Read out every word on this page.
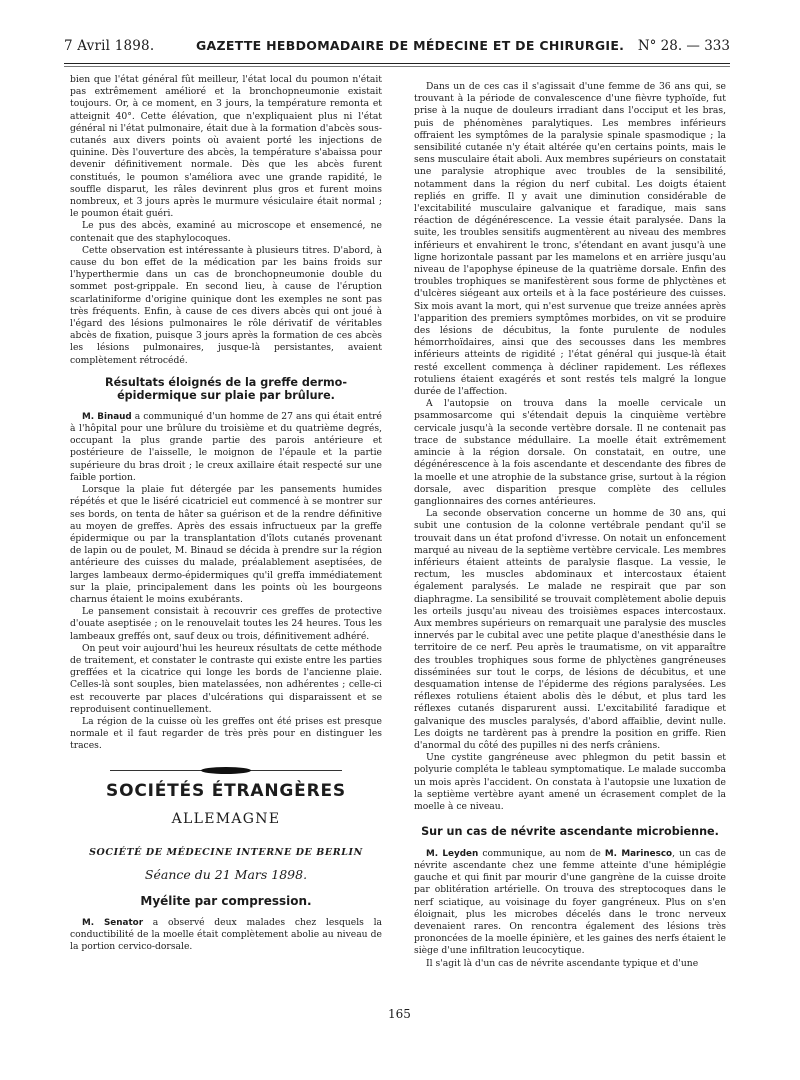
7 Avril 1898.	GAZETTE HEBDOMADAIRE DE MÉDECINE ET DE CHIRURGIE. N° 28. — 333

bien que l'état général fût meilleur, l'état local du poumon n'était pas extrêmement amélioré et la bronchopneumonie existait toujours. Or, à ce moment, en 3 jours, la température remonta et atteignit 40°. Cette élévation, que n'expliquaient plus ni l'état général ni l'état pulmonaire, était due à la formation d'abcès sous-cutanés aux divers points où avaient porté les injections de quinine. Dès l'ouverture des abcès, la température s'abaissa pour devenir définitivement normale. Dès que les abcès furent constitués, le poumon s'améliora avec une grande rapidité, le souffle disparut, les râles devinrent plus gros et furent moins nombreux, et 3 jours après le murmure vésiculaire était normal ; le poumon était guéri.

Le pus des abcès, examiné au microscope et ensemencé, ne contenait que des staphylocoques.

Cette observation est intéressante à plusieurs titres. D'abord, à cause du bon effet de la médication par les bains froids sur l'hyperthermie dans un cas de bronchopneumonie double du sommet post-grippale. En second lieu, à cause de l'éruption scarlatiniforme d'origine quinique dont les exemples ne sont pas très fréquents. Enfin, à cause de ces divers abcès qui ont joué à l'égard des lésions pulmonaires le rôle dérivatif de véritables abcès de fixation, puisque 3 jours après la formation de ces abcès les lésions pulmonaires, jusque-là persistantes, avaient complètement rétrocédé.

Résultats éloignés de la greffe dermo-épidermique sur plaie par brûlure.

M. Binaud a communiqué d'un homme de 27 ans qui était entré à l'hôpital pour une brûlure du troisième et du quatrième degrés, occupant la plus grande partie des parois antérieure et postérieure de l'aisselle, le moignon de l'épaule et la partie supérieure du bras droit ; le creux axillaire était respecté sur une faible portion.

Lorsque la plaie fut détergée par les pansements humides répétés et que le liséré cicatriciel eut commencé à se montrer sur ses bords, on tenta de hâter sa guérison et de la rendre définitive au moyen de greffes. Après des essais infructueux par la greffe épidermique ou par la transplantation d'îlots cutanés provenant de lapin ou de poulet, M. Binaud se décida à prendre sur la région antérieure des cuisses du malade, préalablement aseptisées, de larges lambeaux dermo-épidermiques qu'il greffa immédiatement sur la plaie, principalement dans les points où les bourgeons charnus étaient le moins exubérants.

Le pansement consistait à recouvrir ces greffes de protective d'ouate aseptisée ; on le renouvelait toutes les 24 heures. Tous les lambeaux greffés ont, sauf deux ou trois, définitivement adhéré.

On peut voir aujourd'hui les heureux résultats de cette méthode de traitement, et constater le contraste qui existe entre les parties greffées et la cicatrice qui longe les bords de l'ancienne plaie. Celles-là sont souples, bien matelassées, non adhérentes ; celle-ci est recouverte par places d'ulcérations qui disparaissent et se reproduisent continuellement.

La région de la cuisse où les greffes ont été prises est presque normale et il faut regarder de très près pour en distinguer les traces.

SOCIÉTÉS ÉTRANGÈRES
ALLEMAGNE
SOCIÉTÉ DE MÉDECINE INTERNE DE BERLIN
Séance du 21 Mars 1898.
Myélite par compression.

M. Senator a observé deux malades chez lesquels la conductibilité de la moelle était complètement abolie au niveau de la portion cervico-dorsale.

Dans un de ces cas il s'agissait d'une femme de 36 ans qui, se trouvant à la période de convalescence d'une fièvre typhoïde, fut prise à la nuque de douleurs irradiant dans l'occiput et les bras, puis de phénomènes paralytiques. Les membres inférieurs offraient les symptômes de la paralysie spinale spasmodique ; la sensibilité cutanée n'y était altérée qu'en certains points, mais le sens musculaire était aboli. Aux membres supérieurs on constatait une paralysie atrophique avec troubles de la sensibilité, notamment dans la région du nerf cubital. Les doigts étaient repliés en griffe. Il y avait une diminution considérable de l'excitabilité musculaire galvanique et faradique, mais sans réaction de dégénérescence. La vessie était paralysée. Dans la suite, les troubles sensitifs augmentèrent au niveau des membres inférieurs et envahirent le tronc, s'étendant en avant jusqu'à une ligne horizontale passant par les mamelons et en arrière jusqu'au niveau de l'apophyse épineuse de la quatrième dorsale. Enfin des troubles trophiques se manifestèrent sous forme de phlyctènes et d'ulcères siégeant aux orteils et à la face postérieure des cuisses. Six mois avant la mort, qui n'est survenue que treize années après l'apparition des premiers symptômes morbides, on vit se produire des lésions de décubitus, la fonte purulente de nodules hémorrhoïdaires, ainsi que des secousses dans les membres inférieurs atteints de rigidité ; l'état général qui jusque-là était resté excellent commença à décliner rapidement. Les réflexes rotuliens étaient exagérés et sont restés tels malgré la longue durée de l'affection.

A l'autopsie on trouva dans la moelle cervicale un psammosarcome qui s'étendait depuis la cinquième vertèbre cervicale jusqu'à la seconde vertèbre dorsale. Il ne contenait pas trace de substance médullaire. La moelle était extrêmement amincie à la région dorsale. On constatait, en outre, une dégénérescence à la fois ascendante et descendante des fibres de la moelle et une atrophie de la substance grise, surtout à la région dorsale, avec disparition presque complète des cellules ganglionnaires des cornes antérieures.

La seconde observation concerne un homme de 30 ans, qui subit une contusion de la colonne vertébrale pendant qu'il se trouvait dans un état profond d'ivresse. On notait un enfoncement marqué au niveau de la septième vertèbre cervicale. Les membres inférieurs étaient atteints de paralysie flasque. La vessie, le rectum, les muscles abdominaux et intercostaux étaient également paralysés. Le malade ne respirait que par son diaphragme. La sensibilité se trouvait complètement abolie depuis les orteils jusqu'au niveau des troisièmes espaces intercostaux. Aux membres supérieurs on remarquait une paralysie des muscles innervés par le cubital avec une petite plaque d'anesthésie dans le territoire de ce nerf. Peu après le traumatisme, on vit apparaître des troubles trophiques sous forme de phlyctènes gangréneuses disséminées sur tout le corps, de lésions de décubitus, et une desquamation intense de l'épiderme des régions paralysées. Les réflexes rotuliens étaient abolis dès le début, et plus tard les réflexes cutanés disparurent aussi. L'excitabilité faradique et galvanique des muscles paralysés, d'abord affaiblie, devint nulle. Les doigts ne tardèrent pas à prendre la position en griffe. Rien d'anormal du côté des pupilles ni des nerfs crâniens.

Une cystite gangréneuse avec phlegmon du petit bassin et polyurie compléta le tableau symptomatique. Le malade succomba un mois après l'accident. On constata à l'autopsie une luxation de la septième vertèbre ayant amené un écrasement complet de la moelle à ce niveau.

Sur un cas de névrite ascendante microbienne.

M. Leyden communique, au nom de M. Marinesco, un cas de névrite ascendante chez une femme atteinte d'une hémiplégie gauche et qui finit par mourir d'une gangrène de la cuisse droite par oblitération artérielle. On trouva des streptocoques dans le nerf sciatique, au voisinage du foyer gangréneux. Plus on s'en éloignait, plus les microbes décelés dans le tronc nerveux devenaient rares. On rencontra également des lésions très prononcées de la moelle épinière, et les gaines des nerfs étaient le siège d'une infiltration leucocytique.

Il s'agit là d'un cas de névrite ascendante typique et d'une

165
